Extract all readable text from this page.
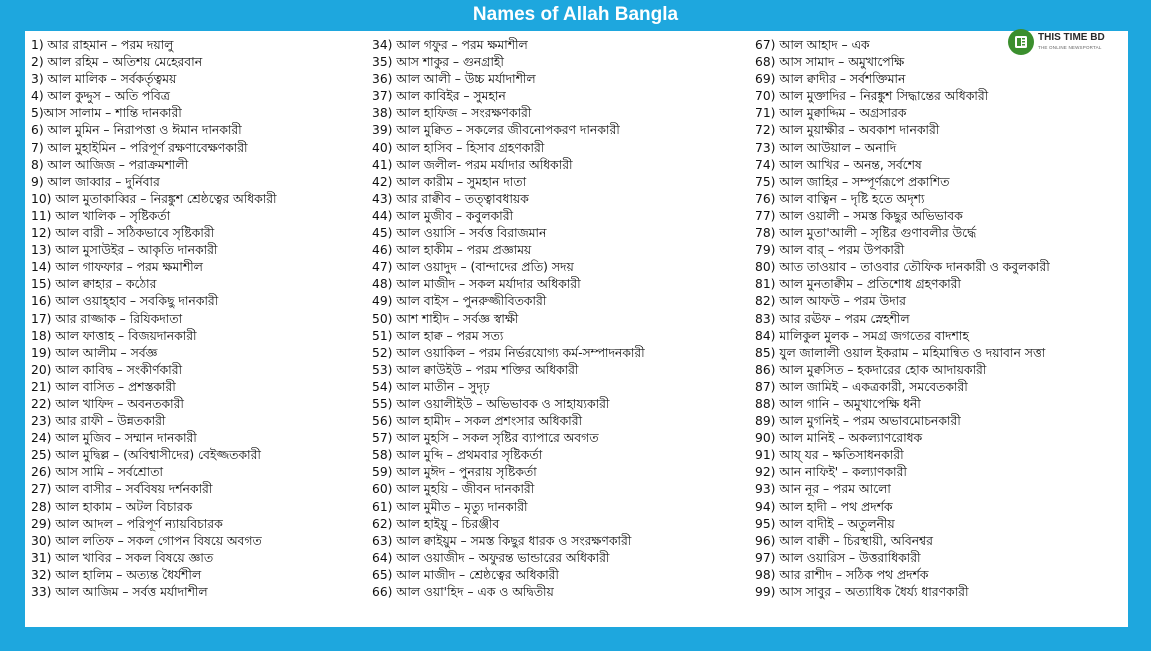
Names of Allah Bangla
1) আর রাহমান – পরম দয়ালু
2) আল রহিম – অতিশয় মেহেরবান
3) আল মালিক – সর্বকর্তৃত্বময়
4) আল কুদ্দুস – অতি পবিত্র
5)আস সালাম – শান্তি দানকারী
6) আল মুমিন – নিরাপত্তা ও ঈমান দানকারী
7) আল মুহাইমিন – পরিপূর্ণ রক্ষণাবেক্ষণকারী
8) আল আজিজ – পরাক্রমশালী
9) আল জাব্বার – দুর্নিবার
10) আল মুতাকাব্বির – নিরঙ্কুশ শ্রেষ্ঠত্বের অধিকারী
11) আল খালিক – সৃষ্টিকর্তা
12) আল বারী – সঠিকভাবে সৃষ্টিকারী
13) আল মুসাউইর – আকৃতি দানকারী
14) আল গাফফার – পরম ক্ষমাশীল
15) আল ক্বাহার – কঠোর
16) আল ওয়াহ্হাব – সবকিছু দানকারী
17) আর রাজ্জাক – রিযিকদাতা
18) আল ফাত্তাহ – বিজয়দানকারী
19) আল আলীম – সর্বজ্ঞ
20) আল কাবিদ্ব – সংকীর্ণকারী
21) আল বাসিত – প্রশস্তকারী
22) আল খাফিদ – অবনতকারী
23) আর রাফী – উন্নতকারী
24) আল মুজিব – সম্মান দানকারী
25) আল মুদ্বিল্ল – (অবিশ্বাসীদের) বেইজ্জতকারী
26) আস সামি – সর্বশ্রোতা
27) আল বাসীর – সর্ববিষয় দর্শনকারী
28) আল হাকাম – অটল বিচারক
29) আল আদল – পরিপূর্ণ ন্যায়বিচারক
30) আল লতিফ – সকল গোপন বিষয়ে অবগত
31) আল খাবির – সকল বিষয়ে জ্ঞাত
32) আল হালিম – অত্যন্ত ধৈর্যশীল
33) আল আজিম – সর্বত্ত মর্যাদাশীল
34) আল গফুর – পরম ক্ষমাশীল
35) আস শাকুর – গুনগ্রাহী
36) আল আলী – উচ্চ মর্যাদাশীল
37) আল কাবিইর – সুমহান
38) আল হাফিজ – সংরক্ষণকারী
39) আল মুক্বিত – সকলের জীবনোপকরণ দানকারী
40) আল হাসিব – হিসাব গ্রহণকারী
41) আল জলীল- পরম মর্যাদার অধিকারী
42) আল কারীম – সুমহান দাতা
43) আর রাক্বীব – তত্ত্বাবধায়ক
44) আল মুজীব – কবুলকারী
45) আল ওয়াসি – সর্বত্ত বিরাজমান
46) আল হাকীম – পরম প্রজ্ঞাময়
47) আল ওয়াদুদ – (বান্দাদের প্রতি) সদয়
48) আল মাজীদ – সকল মর্যাদার অধিকারী
49) আল বাইস – পুনরুজ্জীবিতকারী
50) আশ শাহীদ – সর্বজ্ঞ স্বাক্ষী
51) আল হাক্ব – পরম সত্য
52) আল ওয়াকিল – পরম নির্ভরযোগ্য কর্ম-সম্পাদনকারী
53) আল ক্বাউইউ – পরম শক্তির অধিকারী
54) আল মাতীন – সুদৃঢ়
55) আল ওয়ালীইউ – অভিভাবক ও সাহায্যকারী
56) আল হামীদ – সকল প্রশংসার অধিকারী
57) আল মুহসি – সকল সৃষ্টির ব্যাপারে অবগত
58) আল মুব্দি – প্রথমবার সৃষ্টিকর্তা
59) আল মুঈদ – পুনরায় সৃষ্টিকর্তা
60) আল মুহয়ি – জীবন দানকারী
61) আল মুমীত – মৃত্যু দানকারী
62) আল হাইয়ু – চিরঞ্জীব
63) আল ক্বাইয়ুম – সমস্ত কিছুর ধারক ও সংরক্ষণকারী
64) আল ওয়াজীদ – অফুরন্ত ভান্ডারের অধিকারী
65) আল মাজীদ – শ্রেষ্ঠত্বের অধিকারী
66) আল ওয়া'হিদ – এক ও অদ্বিতীয়
67) আল আহাদ – এক
68) আস সামাদ – অমুখাপেক্ষি
69) আল ক্বাদীর – সর্বশক্তিমান
70) আল মুক্তাদির – নিরঙ্কুশ সিদ্ধান্তের অধিকারী
71) আল মুক্বাদ্দিম – অগ্রসারক
72) আল মুয়াক্ষীর – অবকাশ দানকারী
73) আল আউয়াল – অনাদি
74) আল আখির – অনন্ত, সর্বশেষ
75) আল জাহির – সম্পূর্ণরূপে প্রকাশিত
76) আল বাত্বিন – দৃষ্টি হতে অদৃশ্য
77) আল ওয়ালী – সমস্ত কিছুর অভিভাবক
78) আল মুতা'আলী – সৃষ্টির গুণাবলীর উর্দ্ধে
79) আল বার্ – পরম উপকারী
80) আত তাওয়াব – তাওবার তৌফিক দানকারী ও কবুলকারী
81) আল মুনতাক্বীম – প্রতিশোধ গ্রহণকারী
82) আল আফউ – পরম উদার
83) আর রঊফ – পরম স্নেহশীল
84) মালিকুল মুলক – সমগ্র জগতের বাদশাহ
85) যুল জালালী ওয়াল ইকরাম – মহিমান্বিত ও দয়াবান সত্তা
86) আল মুক্বসিত – হকদারের হোক আদায়কারী
87) আল জামিই – একত্রকারী, সমবেতকারী
88) আল গানি – অমুখাপেক্ষি ধনী
89) আল মুগনিই – পরম অভাবমোচনকারী
90) আল মানিই – অকল্যাণরোধক
91) আয্ যর – ক্ষতিসাধনকারী
92) আন নাফিই' – কল্যাণকারী
93) আন নূর – পরম আলো
94) আল হাদী – পথ প্রদর্শক
95) আল বাদীই – অতুলনীয়
96) আল বাক্বী – চিরস্থায়ী, অবিনশ্বর
97) আল ওয়ারিস – উত্তরাধিকারী
98) আর রাশীদ – সঠিক পথ প্রদর্শক
99) আস সাবুর – অত্যাধিক ধৈর্য্য ধারণকারী
THIS TIME BD
THE ONLINE NEWSPORTAL
